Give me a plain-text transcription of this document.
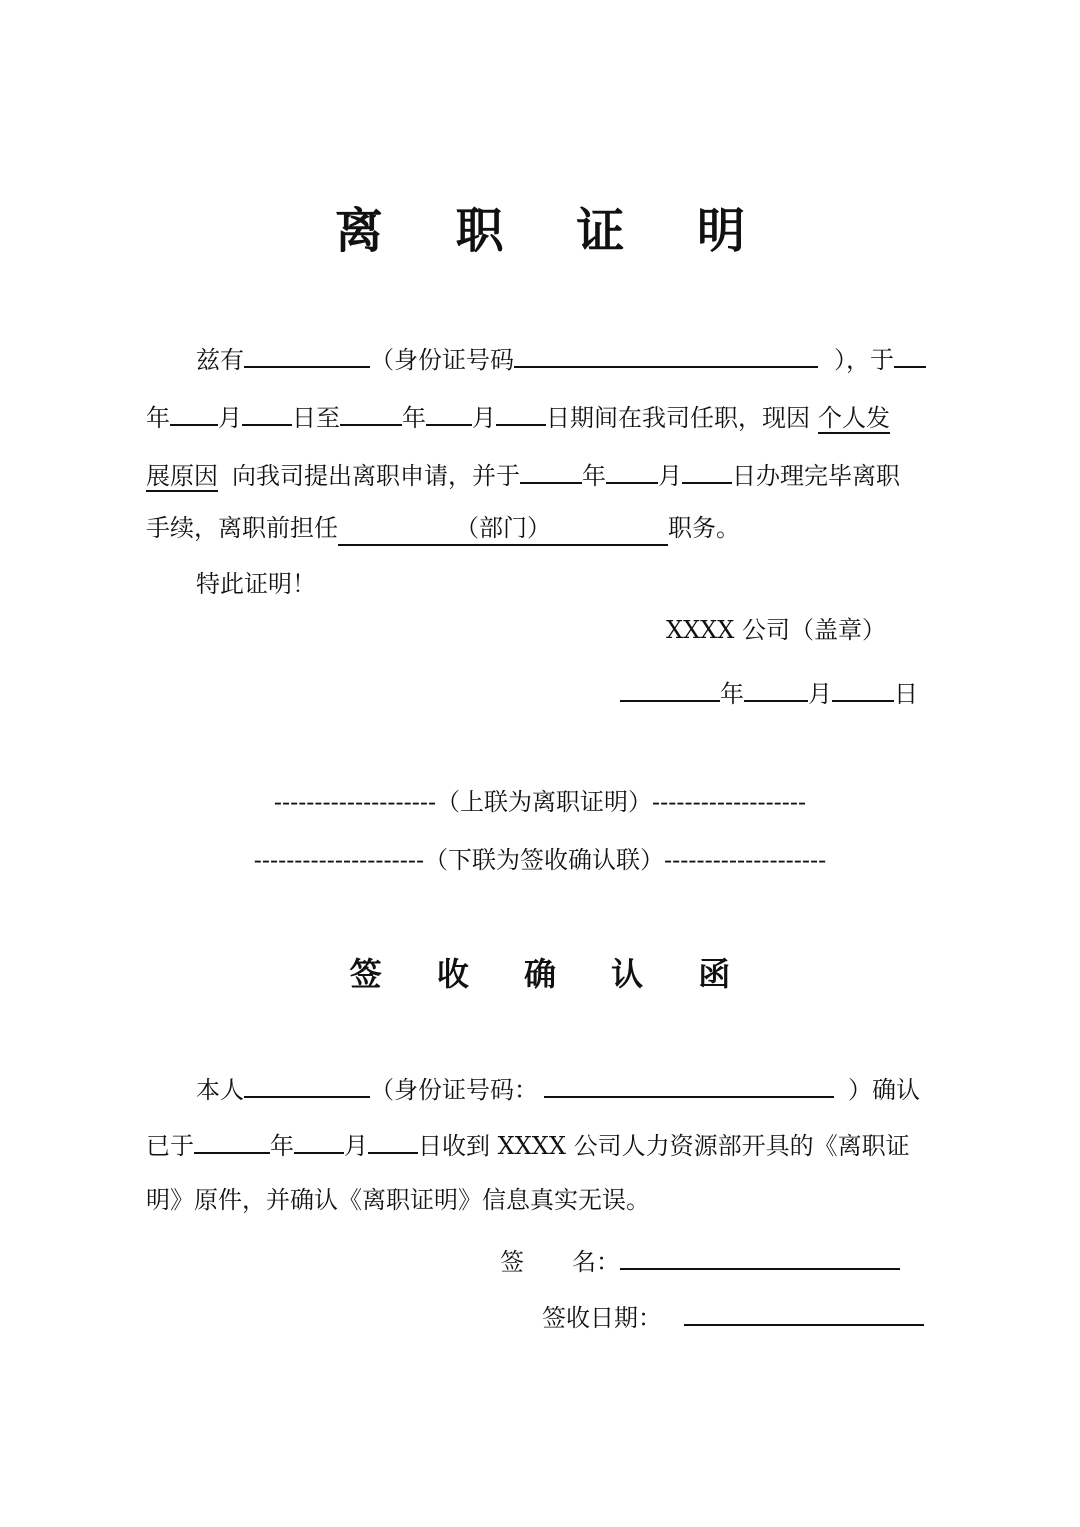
离 职 证 明
兹有	（身份证号码	），于
年 月 日至	年 月 日期间在我司任职，现因 个人发
展原因 向我司提出离职申请，并于	年 月 日办理完毕离职
手续，离职前担任	（部门）	职务。
特此证明！
XXXX 公司（盖章）
年	月	日
--------------------（上联为离职证明）-------------------
---------------------（下联为签收确认联）--------------------
签 收 确 认 函
本人	（身份证号码：	）确认
已于	年 月 日收到 XXXX 公司人力资源部开具的《离职证
明》原件，并确认《离职证明》信息真实无误。
签　　名：
签收日期：
